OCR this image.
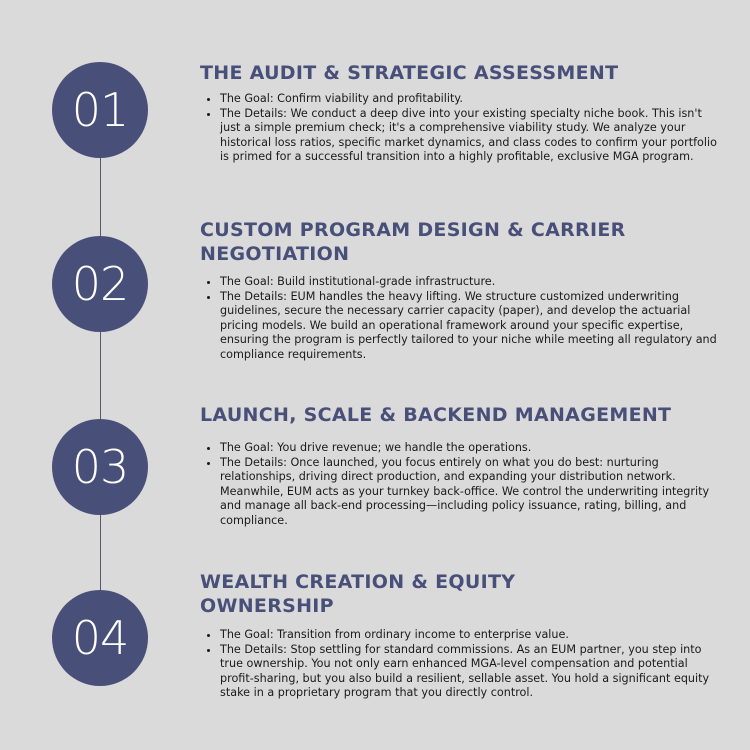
01
THE AUDIT & STRATEGIC ASSESSMENT
• The Goal: Confirm viability and profitability.
• The Details: We conduct a deep dive into your existing specialty niche book. This isn't just a simple premium check; it's a comprehensive viability study. We analyze your historical loss ratios, specific market dynamics, and class codes to confirm your portfolio is primed for a successful transition into a highly profitable, exclusive MGA program.
02
CUSTOM PROGRAM DESIGN & CARRIER NEGOTIATION
• The Goal: Build institutional-grade infrastructure.
• The Details: EUM handles the heavy lifting. We structure customized underwriting guidelines, secure the necessary carrier capacity (paper), and develop the actuarial pricing models. We build an operational framework around your specific expertise, ensuring the program is perfectly tailored to your niche while meeting all regulatory and compliance requirements.
03
LAUNCH, SCALE & BACKEND MANAGEMENT
• The Goal: You drive revenue; we handle the operations.
• The Details: Once launched, you focus entirely on what you do best: nurturing relationships, driving direct production, and expanding your distribution network. Meanwhile, EUM acts as your turnkey back-office. We control the underwriting integrity and manage all back-end processing—including policy issuance, rating, billing, and compliance.
04
WEALTH CREATION & EQUITY OWNERSHIP
• The Goal: Transition from ordinary income to enterprise value.
• The Details: Stop settling for standard commissions. As an EUM partner, you step into true ownership. You not only earn enhanced MGA-level compensation and potential profit-sharing, but you also build a resilient, sellable asset. You hold a significant equity stake in a proprietary program that you directly control.
